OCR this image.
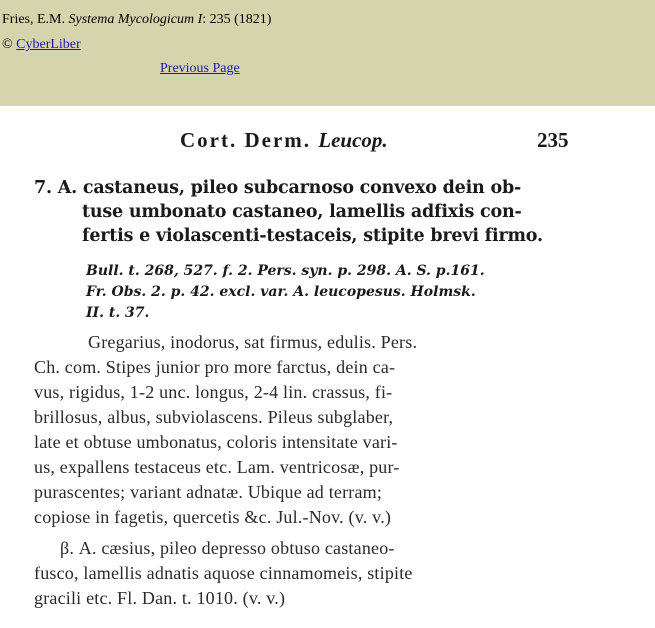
Fries, E.M. Systema Mycologicum I: 235 (1821)
© CyberLiber
Previous Page
Cort. Derm. Leucop.	235
7. A. castaneus, pileo subcarnoso convexo dein ob-
tuse umbonato castaneo, lamellis adfixis con-
fertis e violascenti-testaceis, stipite brevi firmo.
Bull. t. 268, 527. f. 2. Pers. syn. p. 298. A. S. p.161.
Fr. Obs. 2. p. 42. excl. var. A. leucopesus. Holmsk.
II. t. 37.
Gregarius, inodorus, sat firmus, edulis. Pers.
Ch. com. Stipes junior pro more farctus, dein ca-
vus, rigidus, 1-2 unc. longus, 2-4 lin. crassus, fi-
brillosus, albus, subviolascens. Pileus subglaber,
late et obtuse umbonatus, coloris intensitate vari-
us, expallens testaceus etc. Lam. ventricosæ, pur-
purascentes; variant adnatæ. Ubique ad terram;
copiose in fagetis, quercetis &c. Jul.-Nov. (v. v.)
β. A. cæsius, pileo depresso obtuso castaneo-
fusco, lamellis adnatis aquose cinnamomeis, stipite
gracili etc. Fl. Dan. t. 1010. (v. v.)
